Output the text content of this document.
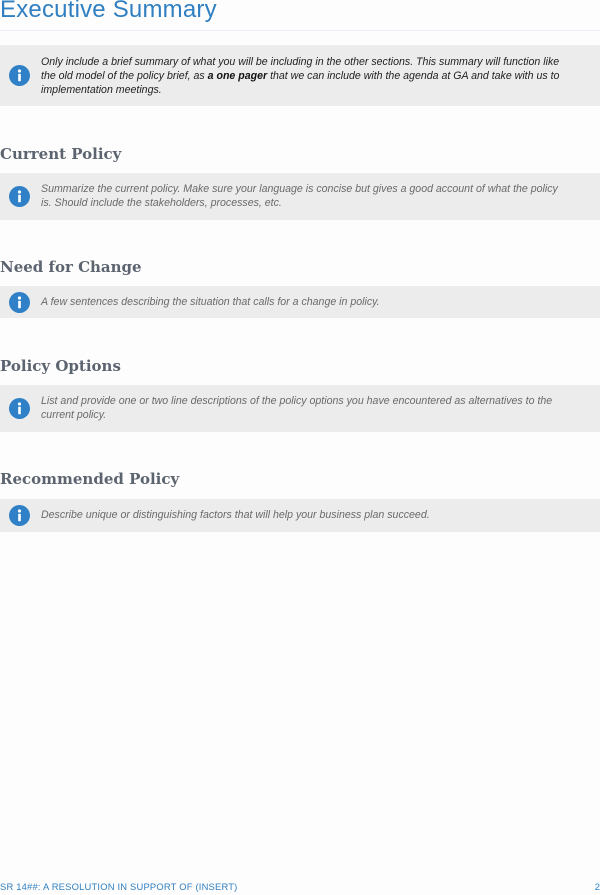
Executive Summary
Only include a brief summary of what you will be including in the other sections. This summary will function like the old model of the policy brief, as a one pager that we can include with the agenda at GA and take with us to implementation meetings.
Current Policy
Summarize the current policy. Make sure your language is concise but gives a good account of what the policy is. Should include the stakeholders, processes, etc.
Need for Change
A few sentences describing the situation that calls for a change in policy.
Policy Options
List and provide one or two line descriptions of the policy options you have encountered as alternatives to the current policy.
Recommended Policy
Describe unique or distinguishing factors that will help your business plan succeed.
SR 14##: A RESOLUTION IN SUPPORT OF (INSERT)	2
